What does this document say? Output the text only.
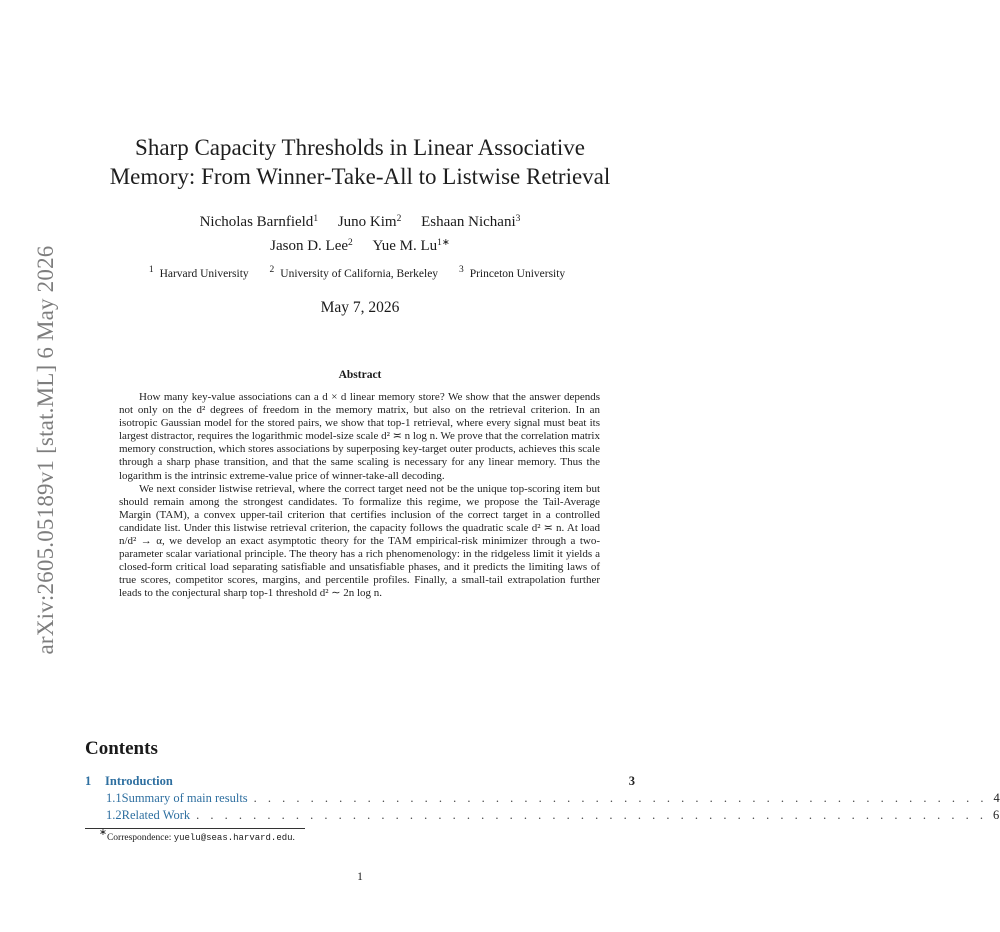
arXiv:2605.05189v1 [stat.ML] 6 May 2026
Sharp Capacity Thresholds in Linear Associative
Memory: From Winner-Take-All to Listwise Retrieval
Nicholas Barnfield$^1$ Juno Kim$^2$ Eshaan Nichani$^3$
Jason D. Lee$^2$ Yue M. $Lu^{1∗}$
$^1$ Harvard University $^2$ University of California, Berkeley $^3$ Princeton University
May 7, 2026
Abstract

How many key-value associations can a d × d linear memory store? We show that the answer depends not only on the d² degrees of freedom in the memory matrix, but also on the retrieval criterion. In an isotropic Gaussian model for the stored pairs, we show that top-1 retrieval, where every signal must beat its largest distractor, requires the logarithmic model-size scale d² ≍ n log n. We prove that the correlation matrix memory construction, which stores associations by superposing key-target outer products, achieves this scale through a sharp phase transition, and that the same scaling is necessary for any linear memory. Thus the logarithm is the intrinsic extreme-value price of winner-take-all decoding.

We next consider listwise retrieval, where the correct target need not be the unique top-scoring item but should remain among the strongest candidates. To formalize this regime, we propose the Tail-Average Margin (TAM), a convex upper-tail criterion that certifies inclusion of the correct target in a controlled candidate list. Under this listwise retrieval criterion, the capacity follows the quadratic scale d² ≍ n. At load n/d² → α, we develop an exact asymptotic theory for the TAM empirical-risk minimizer through a two-parameter scalar variational principle. The theory has a rich phenomenology: in the ridgeless limit it yields a closed-form critical load separating satisfiable and unsatisfiable phases, and it predicts the limiting laws of true scores, competitor scores, margins, and percentile profiles. Finally, a small-tail extrapolation further leads to the conjectural sharp top-1 threshold d² ∼ 2n log n.

Contents
1	Introduction	3
1.1 Summary of main results . . . . . . . . . . . . . . . . . . . . . . . . . . . . . . . . . . . . . . . . . . . . . . . . . . . . 4
1.2 Related Work . . . . . . . . . . . . . . . . . . . . . . . . . . . . . . . . . . . . . . . . . . . . . . . . . . . . . . . . 6
∗Correspondence: yuelu@seas.harvard.edu.
1
